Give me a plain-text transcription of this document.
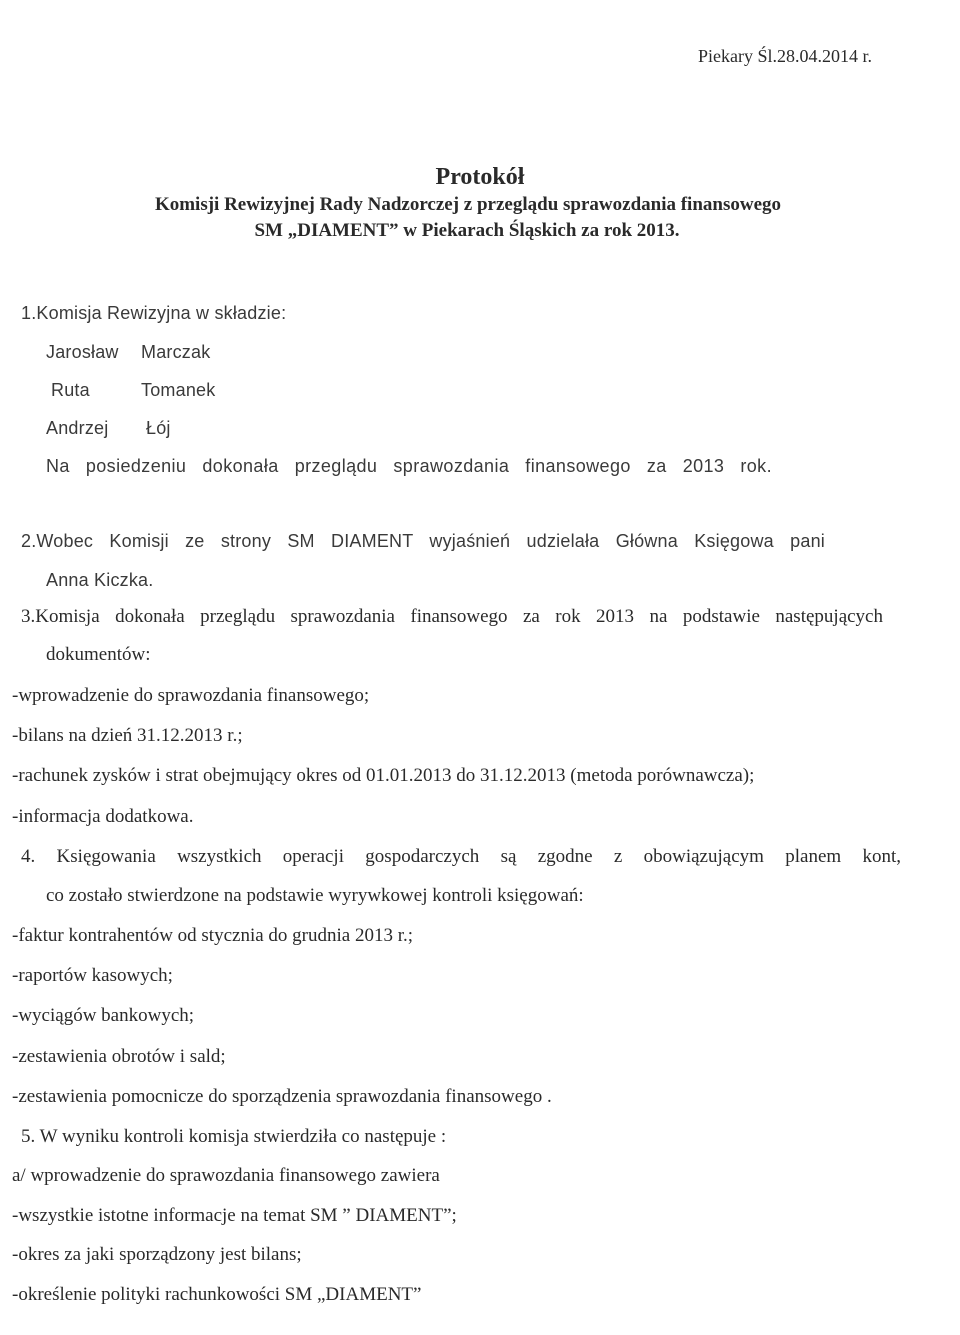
Piekary Śl.28.04.2014 r.
Protokół
Komisji Rewizyjnej Rady Nadzorczej z przeglądu sprawozdania finansowego
SM „DIAMENT” w Piekarach Śląskich za rok 2013.
1.Komisja Rewizyjna w składzie:
Jarosław Marczak
Ruta	Tomanek
Andrzej Łój
Na posiedzeniu dokonała przeglądu sprawozdania finansowego za 2013 rok.
2.Wobec Komisji ze strony SM DIAMENT wyjaśnień udzielała Główna Księgowa pani
Anna Kiczka.
3.Komisja dokonała przeglądu sprawozdania finansowego za rok 2013 na podstawie następujących
dokumentów:
-wprowadzenie do sprawozdania finansowego;
-bilans na dzień 31.12.2013 r.;
-rachunek zysków i strat obejmujący okres od 01.01.2013 do 31.12.2013 (metoda porównawcza);
-informacja dodatkowa.
4. Księgowania wszystkich operacji gospodarczych są zgodne z obowiązującym planem kont,
co zostało stwierdzone na podstawie wyrywkowej kontroli księgowań:
-faktur kontrahentów od stycznia do grudnia 2013 r.;
-raportów kasowych;
-wyciągów bankowych;
-zestawienia obrotów i sald;
-zestawienia pomocnicze do sporządzenia sprawozdania finansowego .
5. W wyniku kontroli komisja stwierdziła co następuje :
a/ wprowadzenie do sprawozdania finansowego zawiera
-wszystkie istotne informacje na temat SM ” DIAMENT”;
-okres za jaki sporządzony jest bilans;
-określenie polityki rachunkowości SM „DIAMENT”
